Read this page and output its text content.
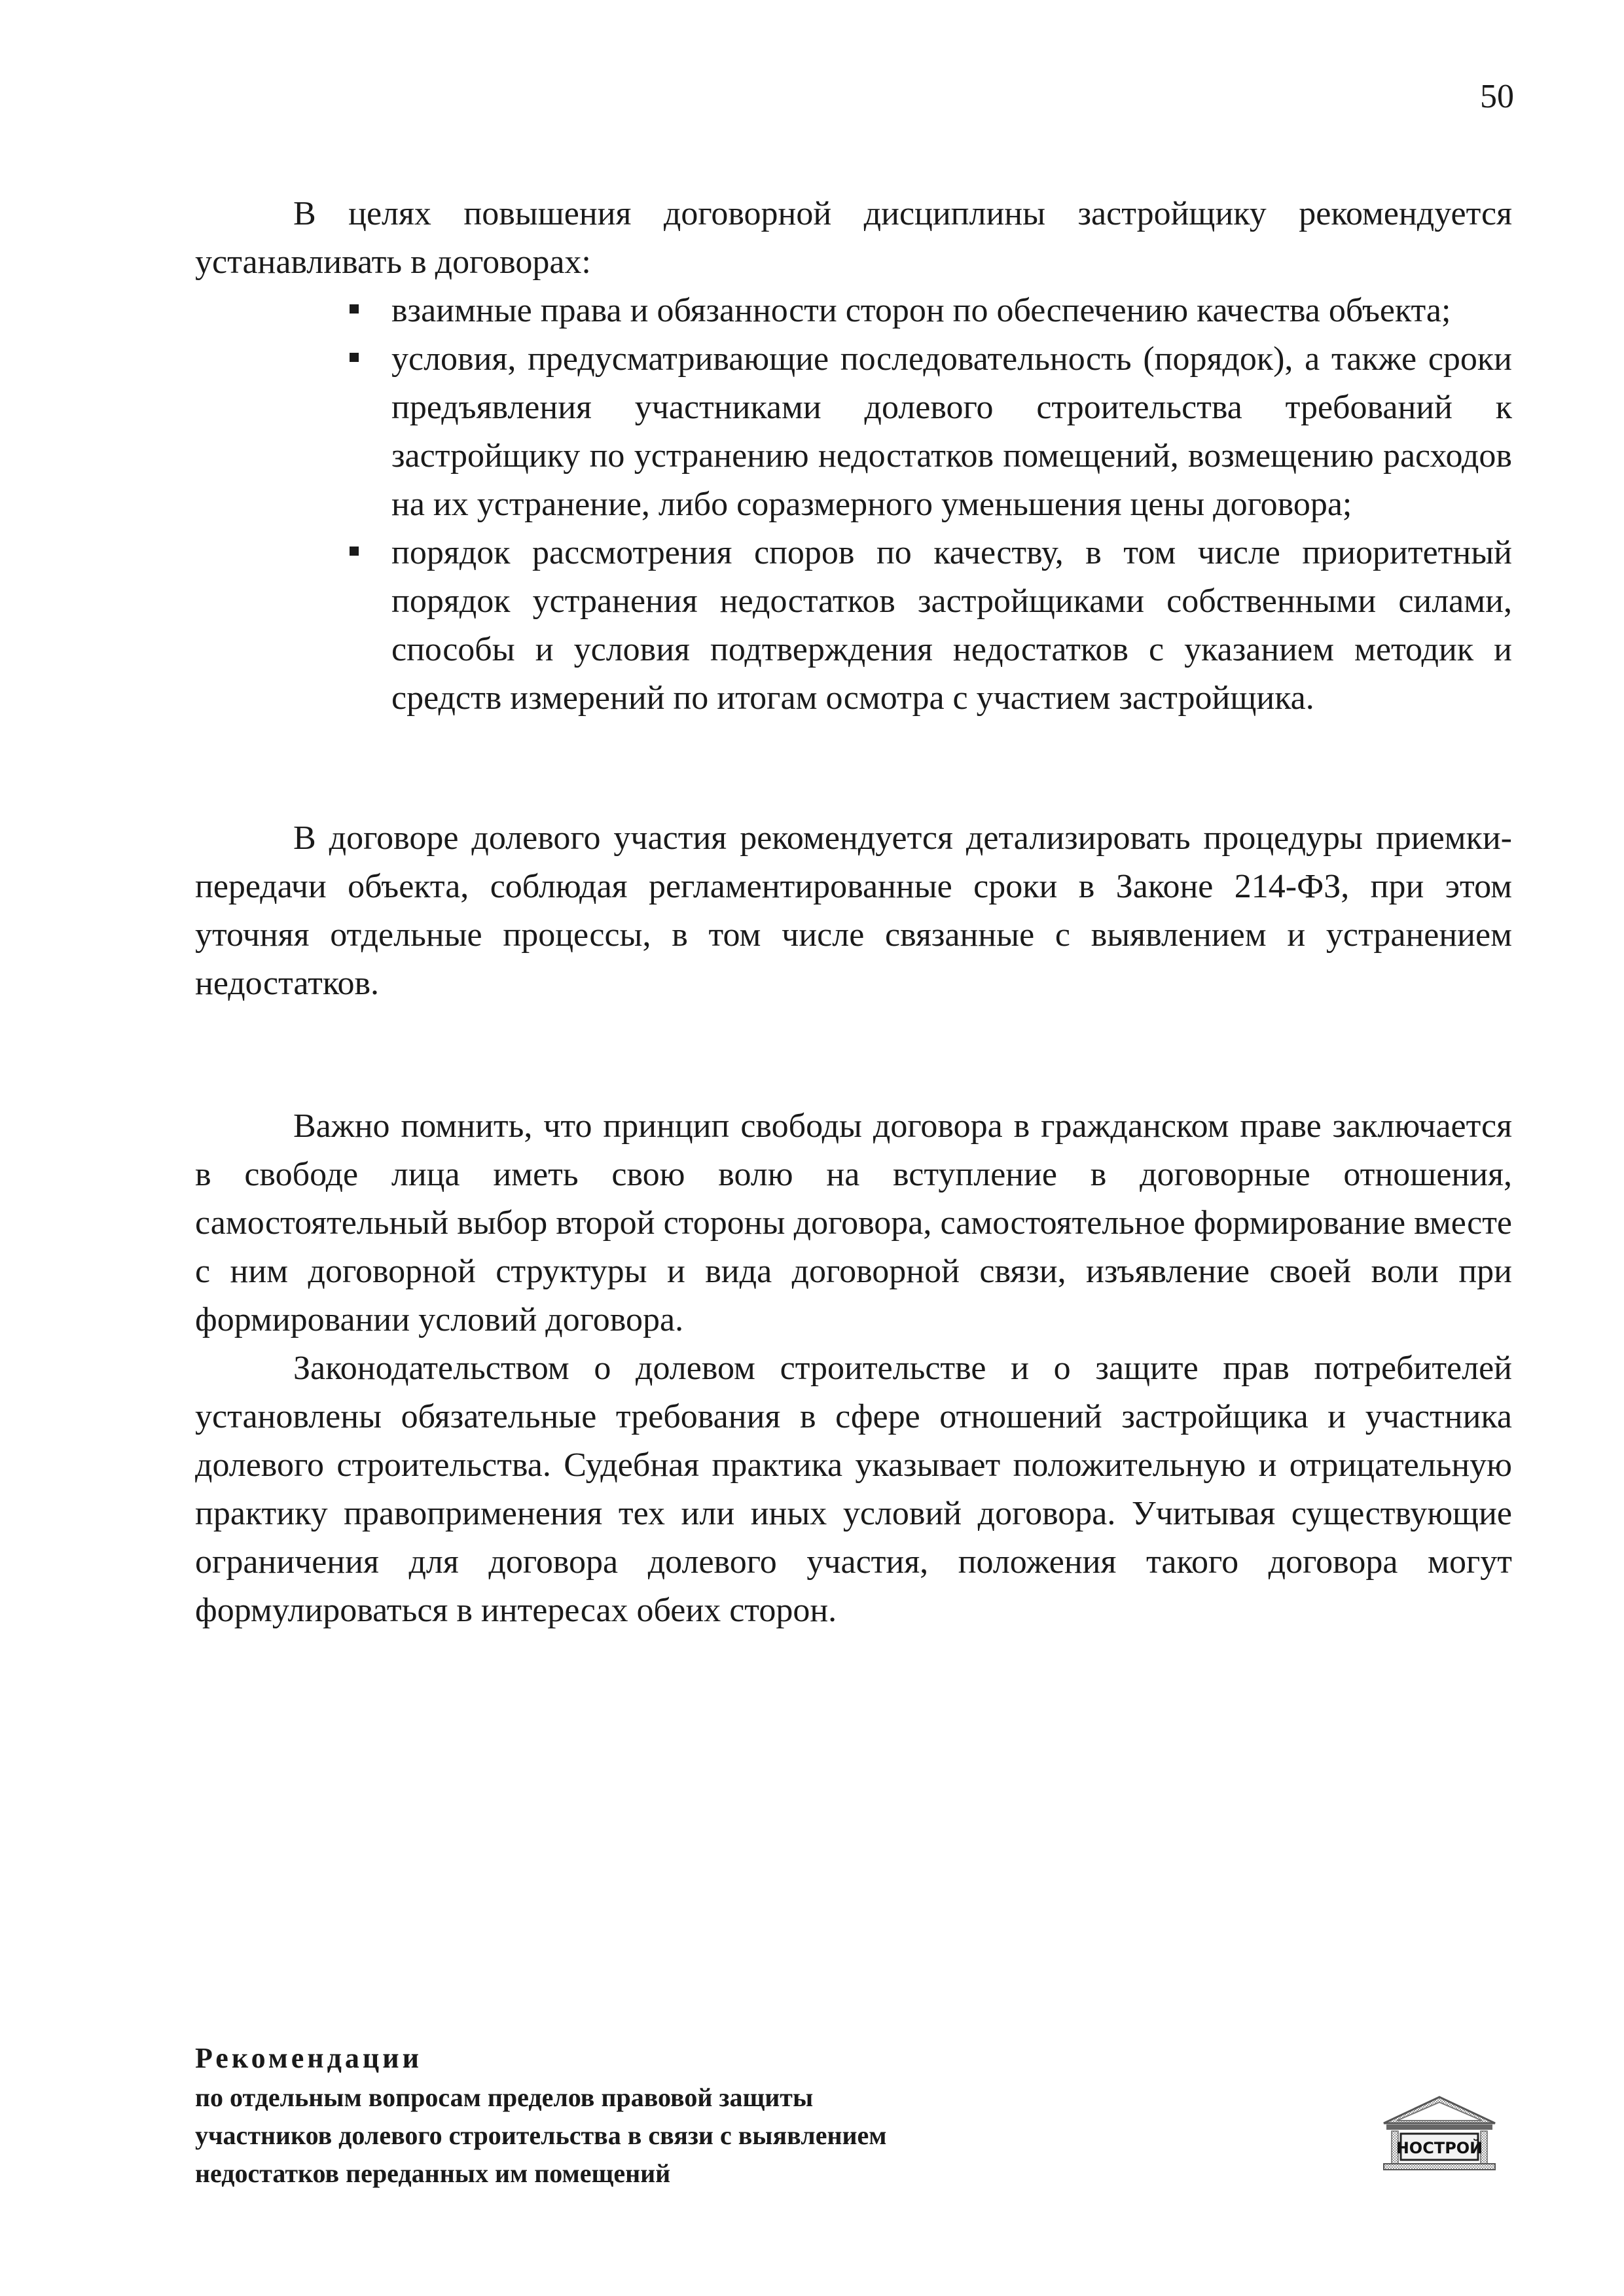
50

В целях повышения договорной дисциплины застройщику рекомендуется устанавливать в договорах:

взаимные права и обязанности сторон по обеспечению качества объекта;
условия, предусматривающие последовательность (порядок), а также сроки предъявления участниками долевого строительства требований к застройщику по устранению недостатков помещений, возмещению расходов на их устранение, либо соразмерного уменьшения цены договора;
порядок рассмотрения споров по качеству, в том числе приоритетный порядок устранения недостатков застройщиками собственными силами, способы и условия подтверждения недостатков с указанием методик и средств измерений по итогам осмотра с участием застройщика.

В договоре долевого участия рекомендуется детализировать процедуры приемки-передачи объекта, соблюдая регламентированные сроки в Законе 214-ФЗ, при этом уточняя отдельные процессы, в том числе связанные с выявлением и устранением недостатков.

Важно помнить, что принцип свободы договора в гражданском праве заключается в свободе лица иметь свою волю на вступление в договорные отношения, самостоятельный выбор второй стороны договора, самостоятельное формирование вместе с ним договорной структуры и вида договорной связи, изъявление своей воли при формировании условий договора.

Законодательством о долевом строительстве и о защите прав потребителей установлены обязательные требования в сфере отношений застройщика и участника долевого строительства. Судебная практика указывает положительную и отрицательную практику правоприменения тех или иных условий договора. Учитывая существующие ограничения для договора долевого участия, положения такого договора могут формулироваться в интересах обеих сторон.

Рекомендации
по отдельным вопросам пределов правовой защиты
участников долевого строительства в связи с выявлением
недостатков переданных им помещений
НОСТРОЙ
